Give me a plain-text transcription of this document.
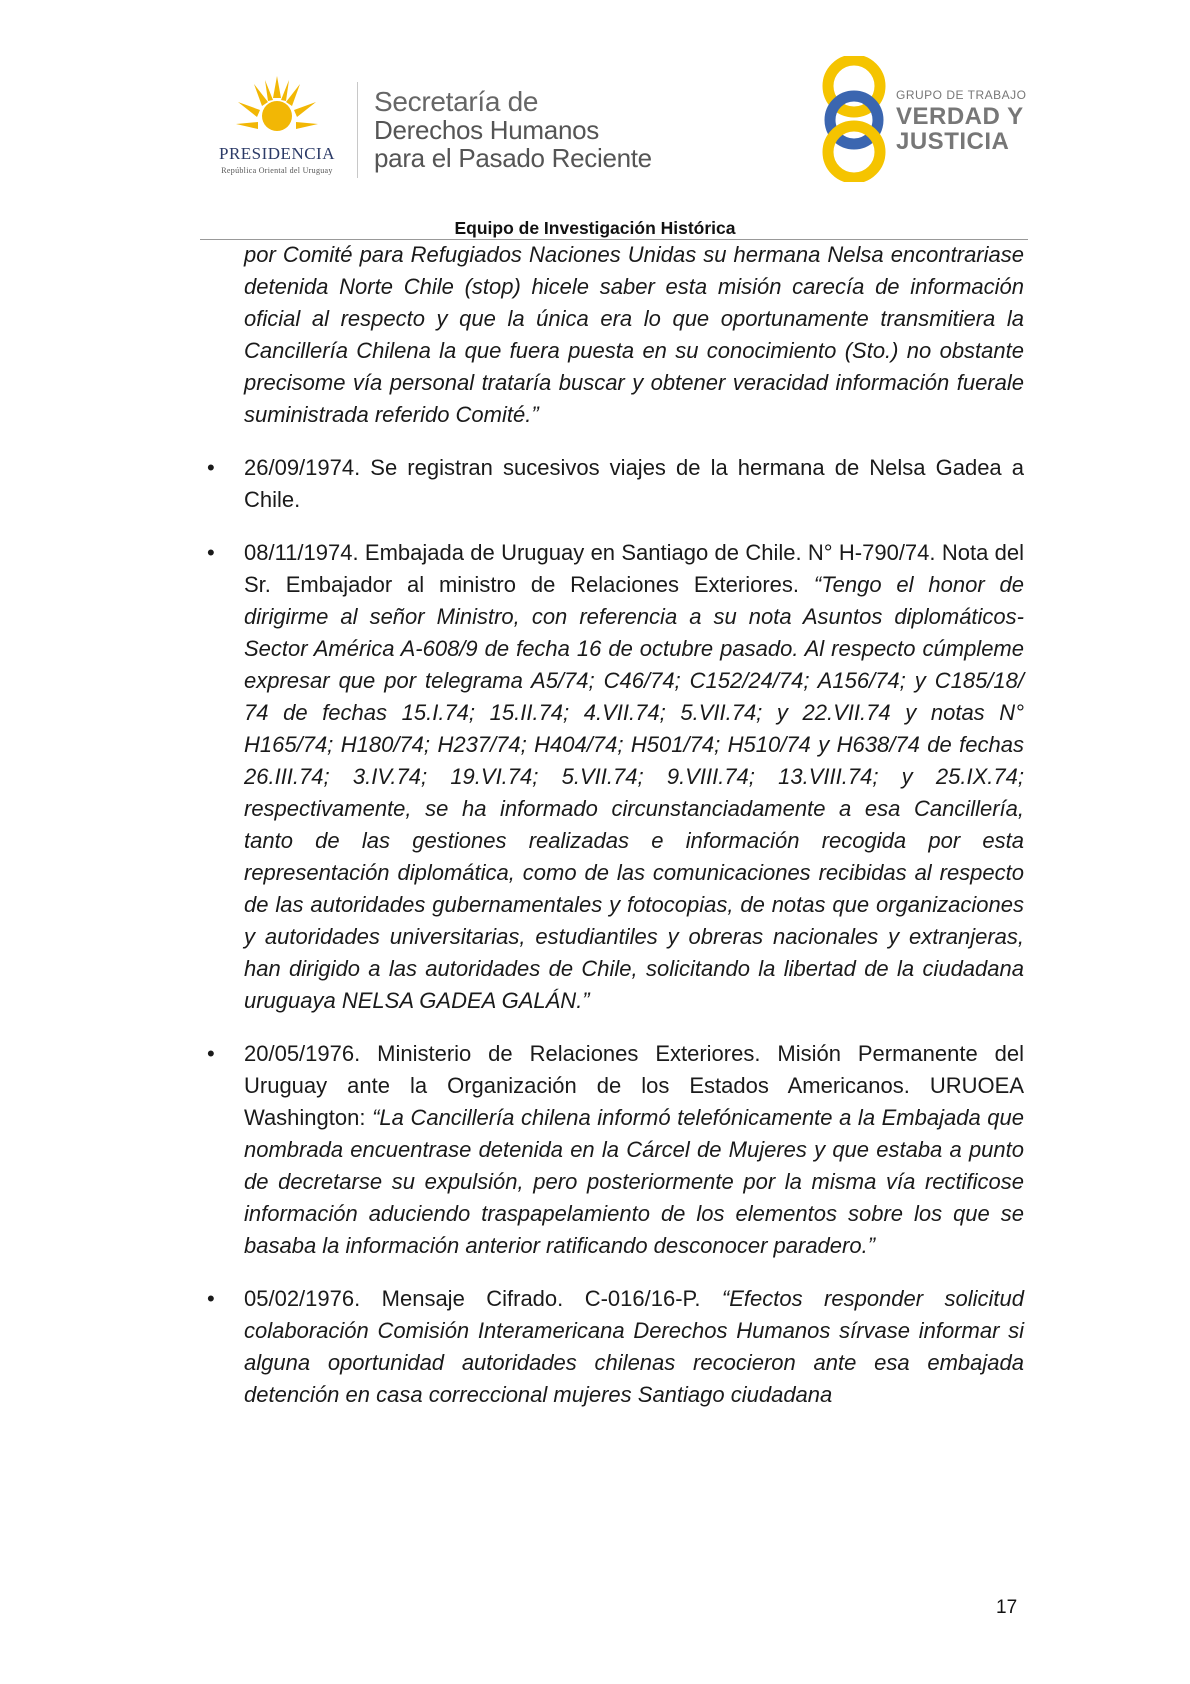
PRESIDENCIA
República Oriental del Uruguay
Secretaría de
Derechos Humanos
para el Pasado Reciente
GRUPO DE TRABAJO
VERDAD Y
JUSTICIA
Equipo de Investigación Histórica

por Comité para Refugiados Naciones Unidas su hermana Nelsa encontrariase detenida Norte Chile (stop) hicele saber esta misión carecía de información oficial al respecto y que la única era lo que oportunamente transmitiera la Cancillería Chilena la que fuera puesta en su conocimiento (Sto.) no obstante precisome vía personal trataría buscar y obtener veracidad información fuerale suministrada referido Comité.”

• 26/09/1974. Se registran sucesivos viajes de la hermana de Nelsa Gadea a Chile.

• 08/11/1974. Embajada de Uruguay en Santiago de Chile. N° H-790/74. Nota del Sr. Embajador al ministro de Relaciones Exteriores. “Tengo el honor de dirigirme al señor Ministro, con referencia a su nota Asuntos diplomáticos-Sector América A-608/9 de fecha 16 de octubre pasado. Al respecto cúmpleme expresar que por telegrama A5/74; C46/74; C152/24/74; A156/74; y C185/18/ 74 de fechas 15.I.74; 15.II.74; 4.VII.74; 5.VII.74; y 22.VII.74 y notas N° H165/74; H180/74; H237/74; H404/74; H501/74; H510/74 y H638/74 de fechas 26.III.74; 3.IV.74; 19.VI.74; 5.VII.74; 9.VIII.74; 13.VIII.74; y 25.IX.74; respectivamente, se ha informado circunstanciadamente a esa Cancillería, tanto de las gestiones realizadas e información recogida por esta representación diplomática, como de las comunicaciones recibidas al respecto de las autoridades gubernamentales y fotocopias, de notas que organizaciones y autoridades universitarias, estudiantiles y obreras nacionales y extranjeras, han dirigido a las autoridades de Chile, solicitando la libertad de la ciudadana uruguaya NELSA GADEA GALÁN.”

• 20/05/1976. Ministerio de Relaciones Exteriores. Misión Permanente del Uruguay ante la Organización de los Estados Americanos. URUOEA Washington: “La Cancillería chilena informó telefónicamente a la Embajada que nombrada encuentrase detenida en la Cárcel de Mujeres y que estaba a punto de decretarse su expulsión, pero posteriormente por la misma vía rectificose información aduciendo traspapelamiento de los elementos sobre los que se basaba la información anterior ratificando desconocer paradero.”

• 05/02/1976. Mensaje Cifrado. C-016/16-P. “Efectos responder solicitud colaboración Comisión Interamericana Derechos Humanos sírvase informar si alguna oportunidad autoridades chilenas recocieron ante esa embajada detención en casa correccional mujeres Santiago ciudadana

17
